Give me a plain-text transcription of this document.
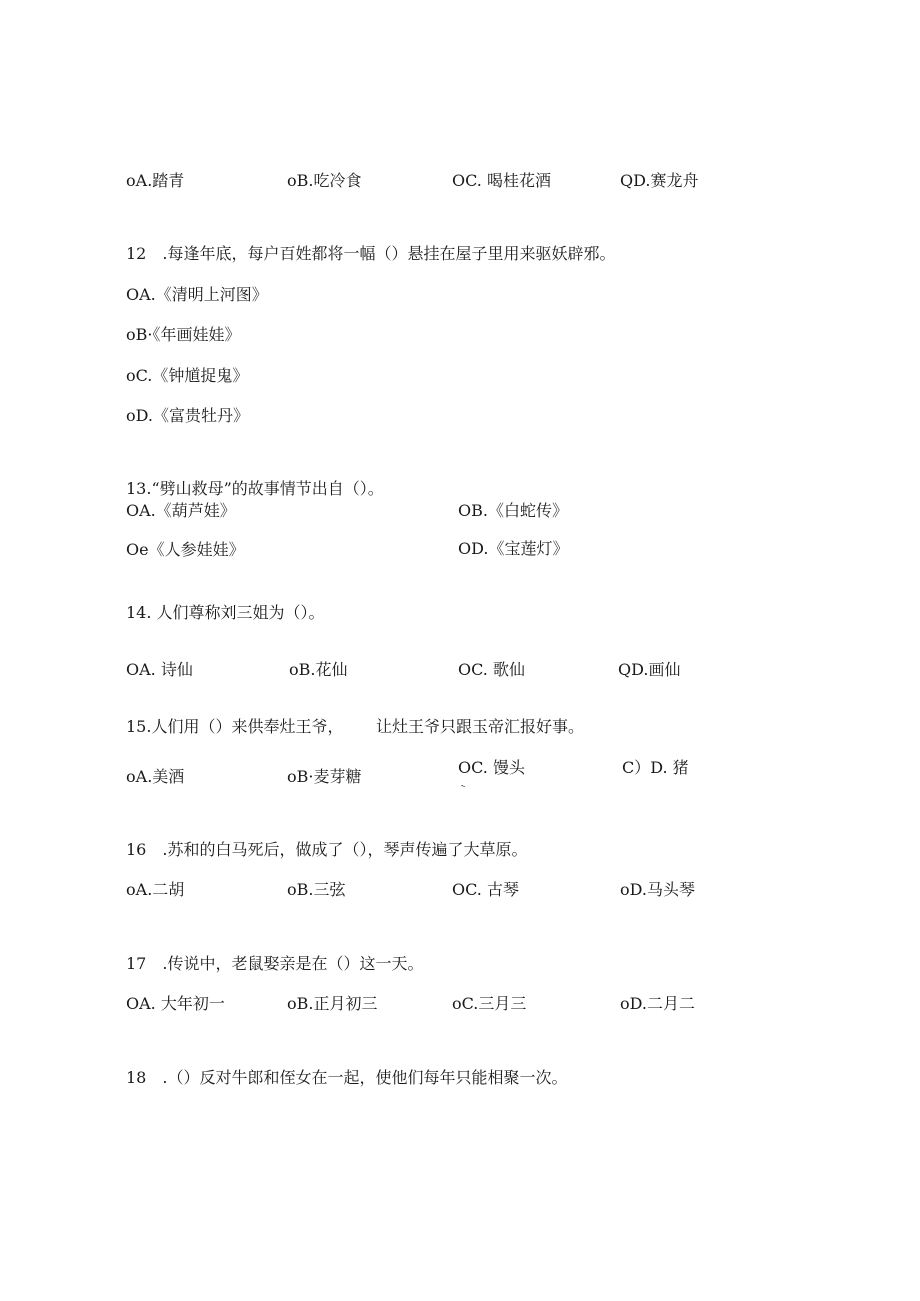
oA.踏青	oB.吃冷食	OC. 喝桂花酒	QD.赛龙舟
12　.每逢年底，每户百姓都将一幅（）悬挂在屋子里用来驱妖辟邪。
OA.《清明上河图》
oB·《年画娃娃》
oC.《钟馗捉鬼》
oD.《富贵牡丹》
13.“劈山救母”的故事情节出自（）。
OA.《葫芦娃》	OB.《白蛇传》
Oe《人参娃娃》	OD.《宝莲灯》
14. 人们尊称刘三姐为（）。
OA. 诗仙	oB.花仙	OC. 歌仙	QD.画仙
15.人们用（）来供奉灶王爷， 让灶王爷只跟玉帝汇报好事。
oA.美酒	oB·麦芽糖	OC. 馒头
˞
C）D. 猪
16　.苏和的白马死后，做成了（），琴声传遍了大草原。
oA.二胡	oB.三弦	OC. 古琴	oD.马头琴
17　.传说中，老鼠娶亲是在（）这一天。
OA. 大年初一	oB.正月初三	oC.三月三	oD.二月二
18　.（）反对牛郎和侄女在一起，使他们每年只能相聚一次。
